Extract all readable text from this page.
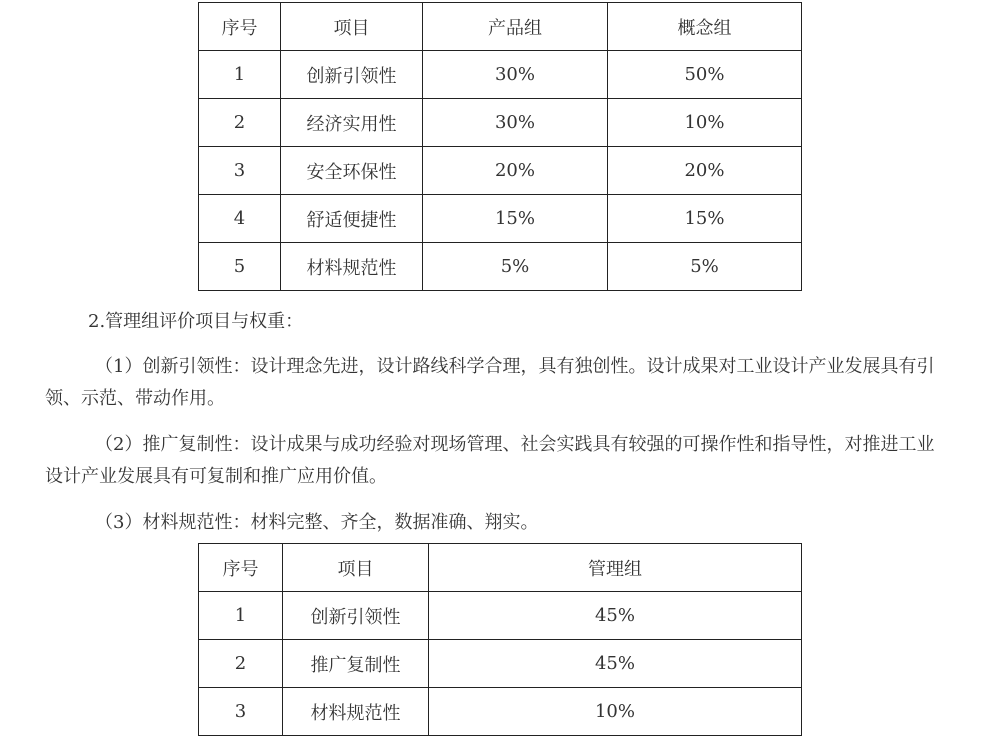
序号	项目	产品组	概念组
1	创新引领性	30%	50%
2	经济实用性	30%	10%
3	安全环保性	20%	20%
4	舒适便捷性	15%	15%
5	材料规范性	5%	5%

2.管理组评价项目与权重：

（1）创新引领性：设计理念先进，设计路线科学合理，具有独创性。设计成果对工业设计产业发展具有引领、示范、带动作用。

（2）推广复制性：设计成果与成功经验对现场管理、社会实践具有较强的可操作性和指导性，对推进工业设计产业发展具有可复制和推广应用价值。

（3）材料规范性：材料完整、齐全，数据准确、翔实。

序号	项目	管理组
1	创新引领性	45%
2	推广复制性	45%
3	材料规范性	10%
